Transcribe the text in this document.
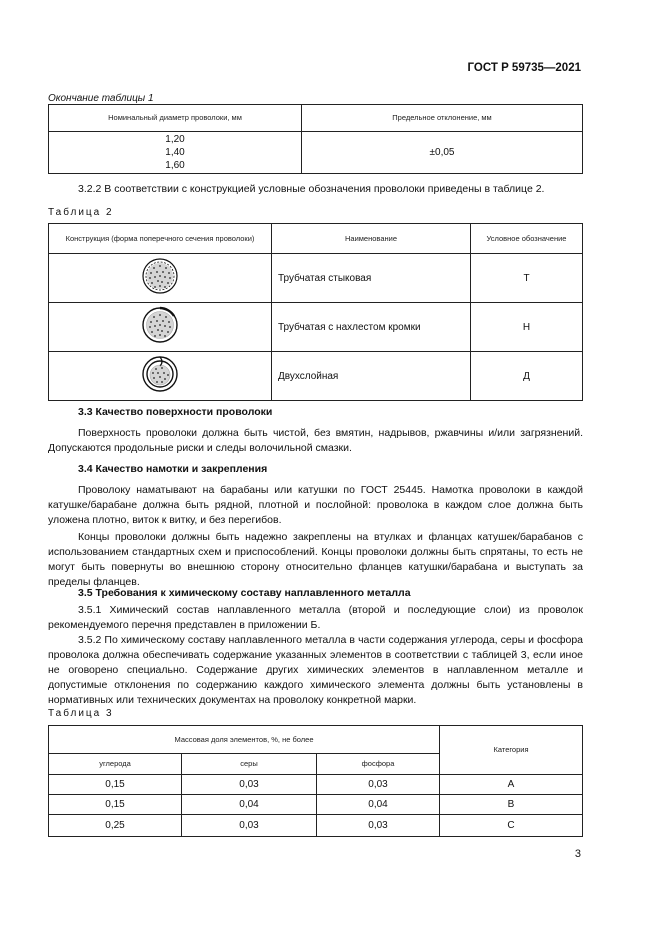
ГОСТ Р 59735—2021
Окончание таблицы 1
Номинальный диаметр проволоки, мм	Предельное отклонение, мм

1,20
1,40
1,60	±0,05

3.2.2 В соответствии с конструкцией условные обозначения проволоки приведены в таблице 2.

Таблица 2
Конструкция (форма поперечного сечения проволоки)	Наименование	Условное обозначение
	Трубчатая стыковая	Т
	Трубчатая с нахлестом кромки	Н
	Двухслойная	Д
3.3 Качество поверхности проволоки

Поверхность проволоки должна быть чистой, без вмятин, надрывов, ржавчины и/или загрязнений. Допускаются продольные риски и следы волочильной смазки.

3.4 Качество намотки и закрепления

Проволоку наматывают на барабаны или катушки по ГОСТ 25445. Намотка проволоки в каждой катушке/барабане должна быть рядной, плотной и послойной: проволока в каждом слое должна быть уложена плотно, виток к витку, и без перегибов.

Концы проволоки должны быть надежно закреплены на втулках и фланцах катушек/барабанов с использованием стандартных схем и приспособлений. Концы проволоки должны быть спрятаны, то есть не могут быть повернуты во внешнюю сторону относительно фланцев катушки/барабана и выступать за пределы фланцев.

3.5 Требования к химическому составу наплавленного металла

3.5.1 Химический состав наплавленного металла (второй и последующие слои) из проволок рекомендуемого перечня представлен в приложении Б.

3.5.2 По химическому составу наплавленного металла в части содержания углерода, серы и фосфора проволока должна обеспечивать содержание указанных элементов в соответствии с таблицей 3, если иное не оговорено специально. Содержание других химических элементов в наплавленном металле и допустимые отклонения по содержанию каждого химического элемента должны быть установлены в нормативных или технических документах на проволоку конкретной марки.

Таблица 3
Массовая доля элементов, %, не более			Категория
углерода	серы	фосфора	
0,15	0,03	0,03	А
0,15	0,04	0,04	В
0,25	0,03	0,03	С
3
